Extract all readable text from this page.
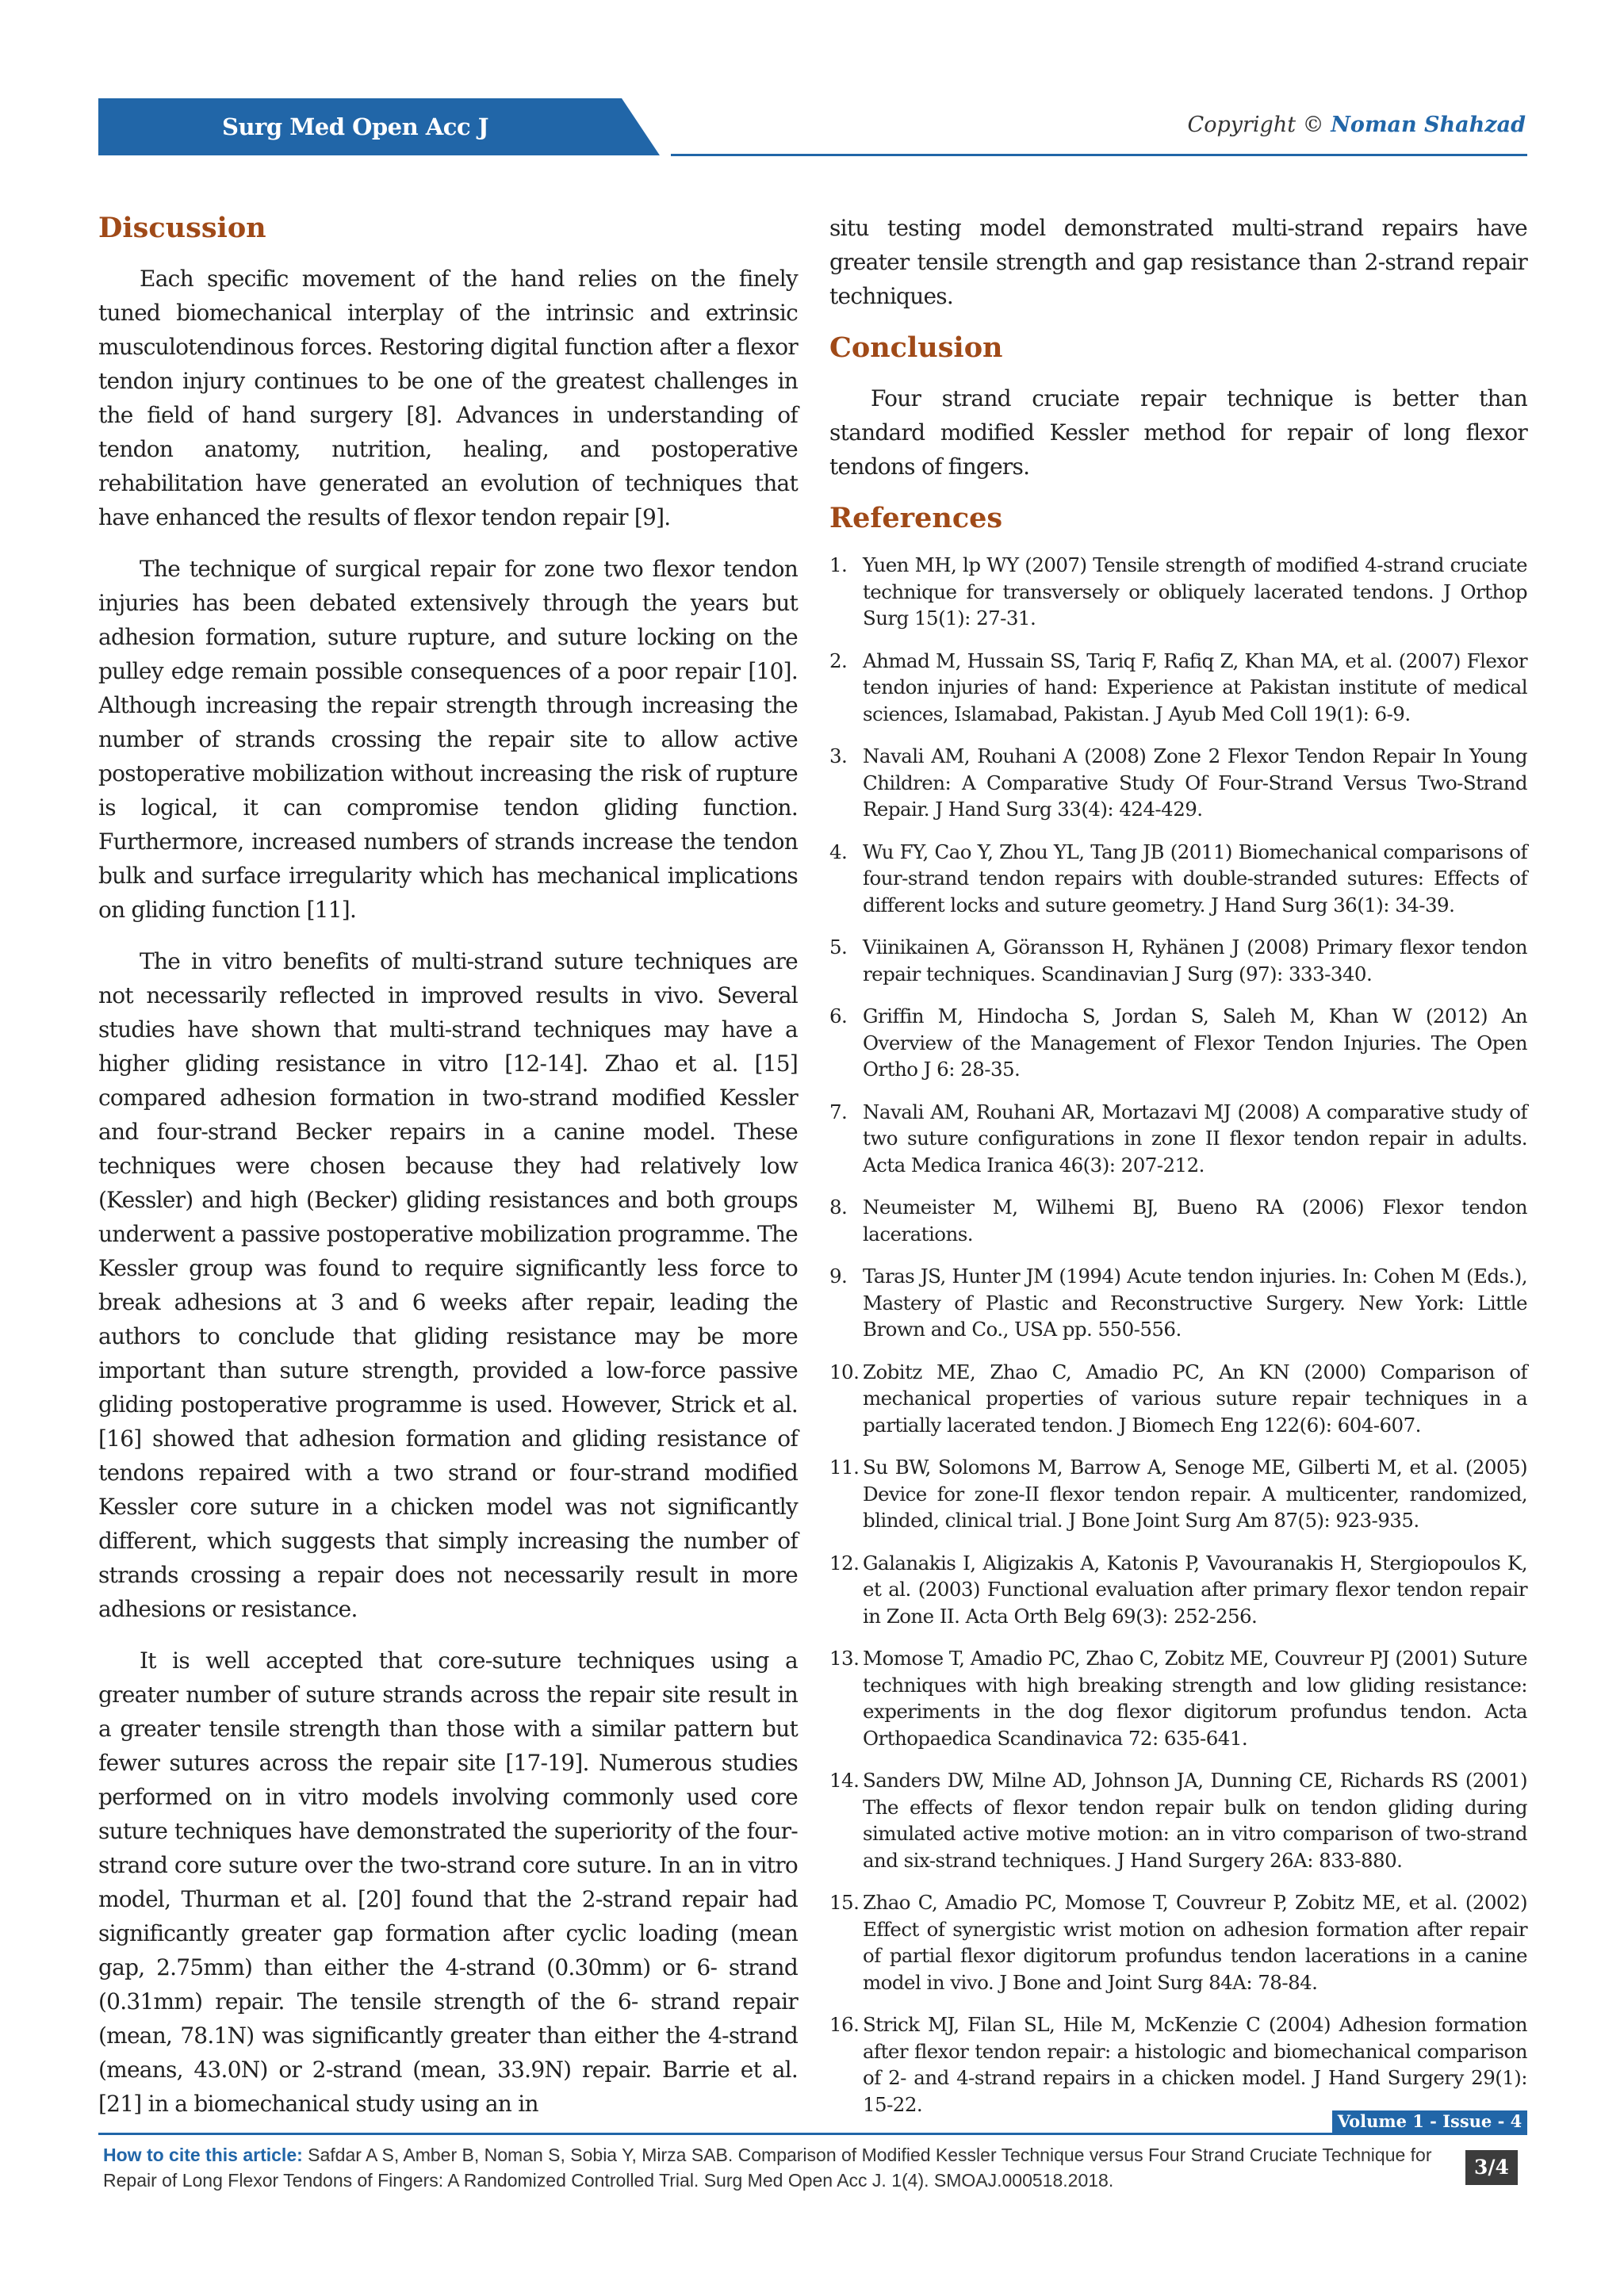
Surg Med Open Acc J	Copyright © Noman Shahzad
Discussion

Each specific movement of the hand relies on the finely tuned biomechanical interplay of the intrinsic and extrinsic musculotendinous forces. Restoring digital function after a flexor tendon injury continues to be one of the greatest challenges in the field of hand surgery [8]. Advances in understanding of tendon anatomy, nutrition, healing, and postoperative rehabilitation have generated an evolution of techniques that have enhanced the results of flexor tendon repair [9].

The technique of surgical repair for zone two flexor tendon injuries has been debated extensively through the years but adhesion formation, suture rupture, and suture locking on the pulley edge remain possible consequences of a poor repair [10]. Although increasing the repair strength through increasing the number of strands crossing the repair site to allow active postoperative mobilization without increasing the risk of rupture is logical, it can compromise tendon gliding function. Furthermore, increased numbers of strands increase the tendon bulk and surface irregularity which has mechanical implications on gliding function [11].

The in vitro benefits of multi-strand suture techniques are not necessarily reflected in improved results in vivo. Several studies have shown that multi-strand techniques may have a higher gliding resistance in vitro [12-14]. Zhao et al. [15] compared adhesion formation in two-strand modified Kessler and four-strand Becker repairs in a canine model. These techniques were chosen because they had relatively low (Kessler) and high (Becker) gliding resistances and both groups underwent a passive postoperative mobilization programme. The Kessler group was found to require significantly less force to break adhesions at 3 and 6 weeks after repair, leading the authors to conclude that gliding resistance may be more important than suture strength, provided a low-force passive gliding postoperative programme is used. However, Strick et al. [16] showed that adhesion formation and gliding resistance of tendons repaired with a two strand or four-strand modified Kessler core suture in a chicken model was not significantly different, which suggests that simply increasing the number of strands crossing a repair does not necessarily result in more adhesions or resistance.

It is well accepted that core-suture techniques using a greater number of suture strands across the repair site result in a greater tensile strength than those with a similar pattern but fewer sutures across the repair site [17-19]. Numerous studies performed on in vitro models involving commonly used core suture techniques have demonstrated the superiority of the four-strand core suture over the two-strand core suture. In an in vitro model, Thurman et al. [20] found that the 2-strand repair had significantly greater gap formation after cyclic loading (mean gap, 2.75mm) than either the 4-strand (0.30mm) or 6- strand (0.31mm) repair. The tensile strength of the 6- strand repair (mean, 78.1N) was significantly greater than either the 4-strand (means, 43.0N) or 2-strand (mean, 33.9N) repair. Barrie et al. [21] in a biomechanical study using an in

situ testing model demonstrated multi-strand repairs have greater tensile strength and gap resistance than 2-strand repair techniques.

Conclusion

Four strand cruciate repair technique is better than standard modified Kessler method for repair of long flexor tendons of fingers.

References
1. Yuen MH, lp WY (2007) Tensile strength of modified 4-strand cruciate technique for transversely or obliquely lacerated tendons. J Orthop Surg 15(1): 27-31.
2. Ahmad M, Hussain SS, Tariq F, Rafiq Z, Khan MA, et al. (2007) Flexor tendon injuries of hand: Experience at Pakistan institute of medical sciences, Islamabad, Pakistan. J Ayub Med Coll 19(1): 6-9.
3. Navali AM, Rouhani A (2008) Zone 2 Flexor Tendon Repair In Young Children: A Comparative Study Of Four-Strand Versus Two-Strand Repair. J Hand Surg 33(4): 424-429.
4. Wu FY, Cao Y, Zhou YL, Tang JB (2011) Biomechanical comparisons of four-strand tendon repairs with double-stranded sutures: Effects of different locks and suture geometry. J Hand Surg 36(1): 34-39.
5. Viinikainen A, Göransson H, Ryhänen J (2008) Primary flexor tendon repair techniques. Scandinavian J Surg (97): 333-340.
6. Griffin M, Hindocha S, Jordan S, Saleh M, Khan W (2012) An Overview of the Management of Flexor Tendon Injuries. The Open Ortho J 6: 28-35.
7. Navali AM, Rouhani AR, Mortazavi MJ (2008) A comparative study of two suture configurations in zone II flexor tendon repair in adults. Acta Medica Iranica 46(3): 207-212.
8. Neumeister M, Wilhemi BJ, Bueno RA (2006) Flexor tendon lacerations.
9. Taras JS, Hunter JM (1994) Acute tendon injuries. In: Cohen M (Eds.), Mastery of Plastic and Reconstructive Surgery. New York: Little Brown and Co., USA pp. 550-556.
10. Zobitz ME, Zhao C, Amadio PC, An KN (2000) Comparison of mechanical properties of various suture repair techniques in a partially lacerated tendon. J Biomech Eng 122(6): 604-607.
11. Su BW, Solomons M, Barrow A, Senoge ME, Gilberti M, et al. (2005) Device for zone-II flexor tendon repair. A multicenter, randomized, blinded, clinical trial. J Bone Joint Surg Am 87(5): 923-935.
12. Galanakis I, Aligizakis A, Katonis P, Vavouranakis H, Stergiopoulos K, et al. (2003) Functional evaluation after primary flexor tendon repair in Zone II. Acta Orth Belg 69(3): 252-256.
13. Momose T, Amadio PC, Zhao C, Zobitz ME, Couvreur PJ (2001) Suture techniques with high breaking strength and low gliding resistance: experiments in the dog flexor digitorum profundus tendon. Acta Orthopaedica Scandinavica 72: 635-641.
14. Sanders DW, Milne AD, Johnson JA, Dunning CE, Richards RS (2001) The effects of flexor tendon repair bulk on tendon gliding during simulated active motive motion: an in vitro comparison of two-strand and six-strand techniques. J Hand Surgery 26A: 833-880.
15. Zhao C, Amadio PC, Momose T, Couvreur P, Zobitz ME, et al. (2002) Effect of synergistic wrist motion on adhesion formation after repair of partial flexor digitorum profundus tendon lacerations in a canine model in vivo. J Bone and Joint Surg 84A: 78-84.
16. Strick MJ, Filan SL, Hile M, McKenzie C (2004) Adhesion formation after flexor tendon repair: a histologic and biomechanical comparison of 2- and 4-strand repairs in a chicken model. J Hand Surgery 29(1): 15-22.
Volume 1 - Issue - 4
How to cite this article: Safdar A S, Amber B, Noman S, Sobia Y, Mirza SAB. Comparison of Modified Kessler Technique versus Four Strand Cruciate Technique for Repair of Long Flexor Tendons of Fingers: A Randomized Controlled Trial. Surg Med Open Acc J. 1(4). SMOAJ.000518.2018.
3/4
